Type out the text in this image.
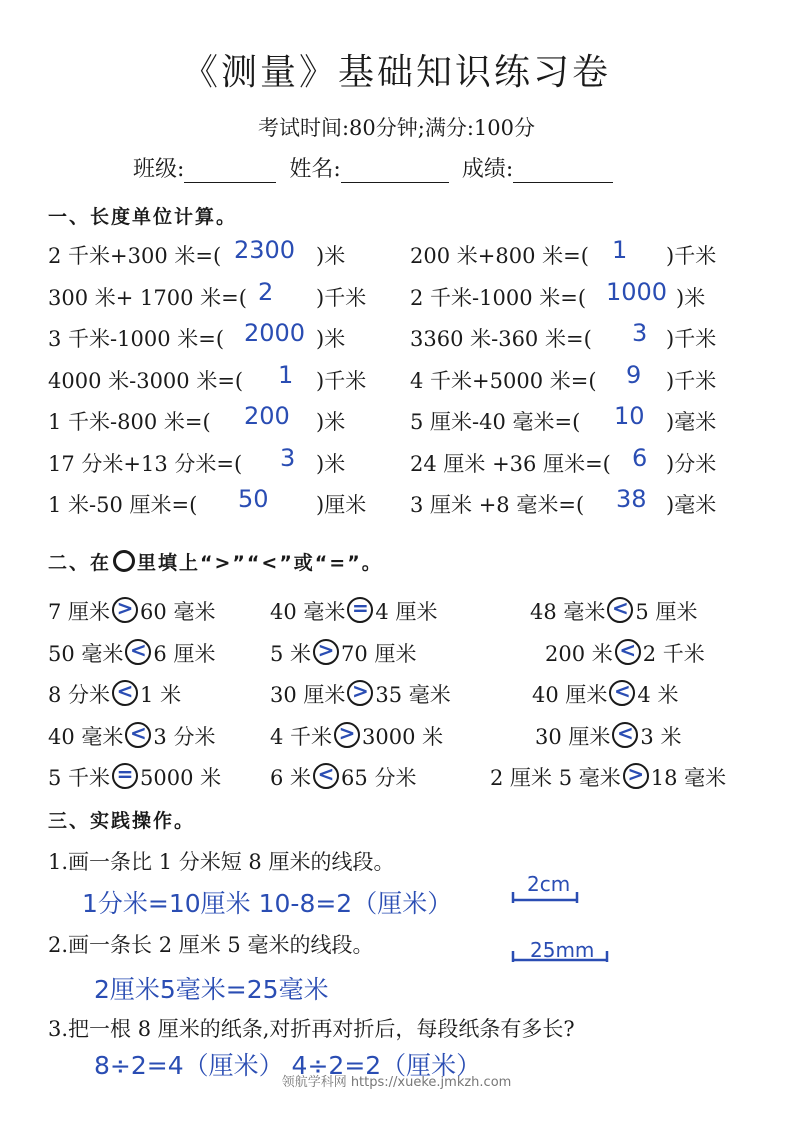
《测量》基础知识练习卷
考试时间:80分钟;满分:100分
班级:	姓名:	成绩:
一、长度单位计算。
2 千米+300 米=( 2300 )米	200 米+800 米=( 1 )千米
300 米+ 1700 米=( 2 )千米 2 千米-1000 米=( 1000 )米
3 千米-1000 米=( 2000 )米	3360 米-360 米=( 3 )千米
4000 米-3000 米=( 1 )千米 4 千米+5000 米=( 9 )千米
1 千米-800 米=( 200 )米	5 厘米-40 毫米=( 10 )毫米
17 分米+13 分米=( 3 )米	24 厘米 +36 厘米=( 6 )分米
1 米-50 厘米=( 50 )厘米 3 厘米 +8 毫米=( 38 )毫米
二、在 里填上“>”“<”或“=”。
7 厘米 > 60 毫米	40 毫米 = 4 厘米	48 毫米 < 5 厘米
50 毫米 < 6 厘米	5 米 > 70 厘米	200 米 < 2 千米
8 分米 < 1 米	30 厘米 > 35 毫米	40 厘米 < 4 米
40 毫米 < 3 分米	4 千米 > 3000 米	30 厘米 < 3 米
5 千米 = 5000 米 6 米 < 65 分米	2 厘米 5 毫米 > 18 毫米
三、实践操作。
1.画一条比 1 分米短 8 厘米的线段。
1分米=10厘米 10-8=2（厘米）
2cm
2.画一条长 2 厘米 5 毫米的线段。
2厘米5毫米=25毫米
25mm
3.把一根 8 厘米的纸条,对折再对折后，每段纸条有多长?
8÷2=4（厘米） 4÷2=2（厘米）
领航学科网 https://xueke.jmkzh.com
